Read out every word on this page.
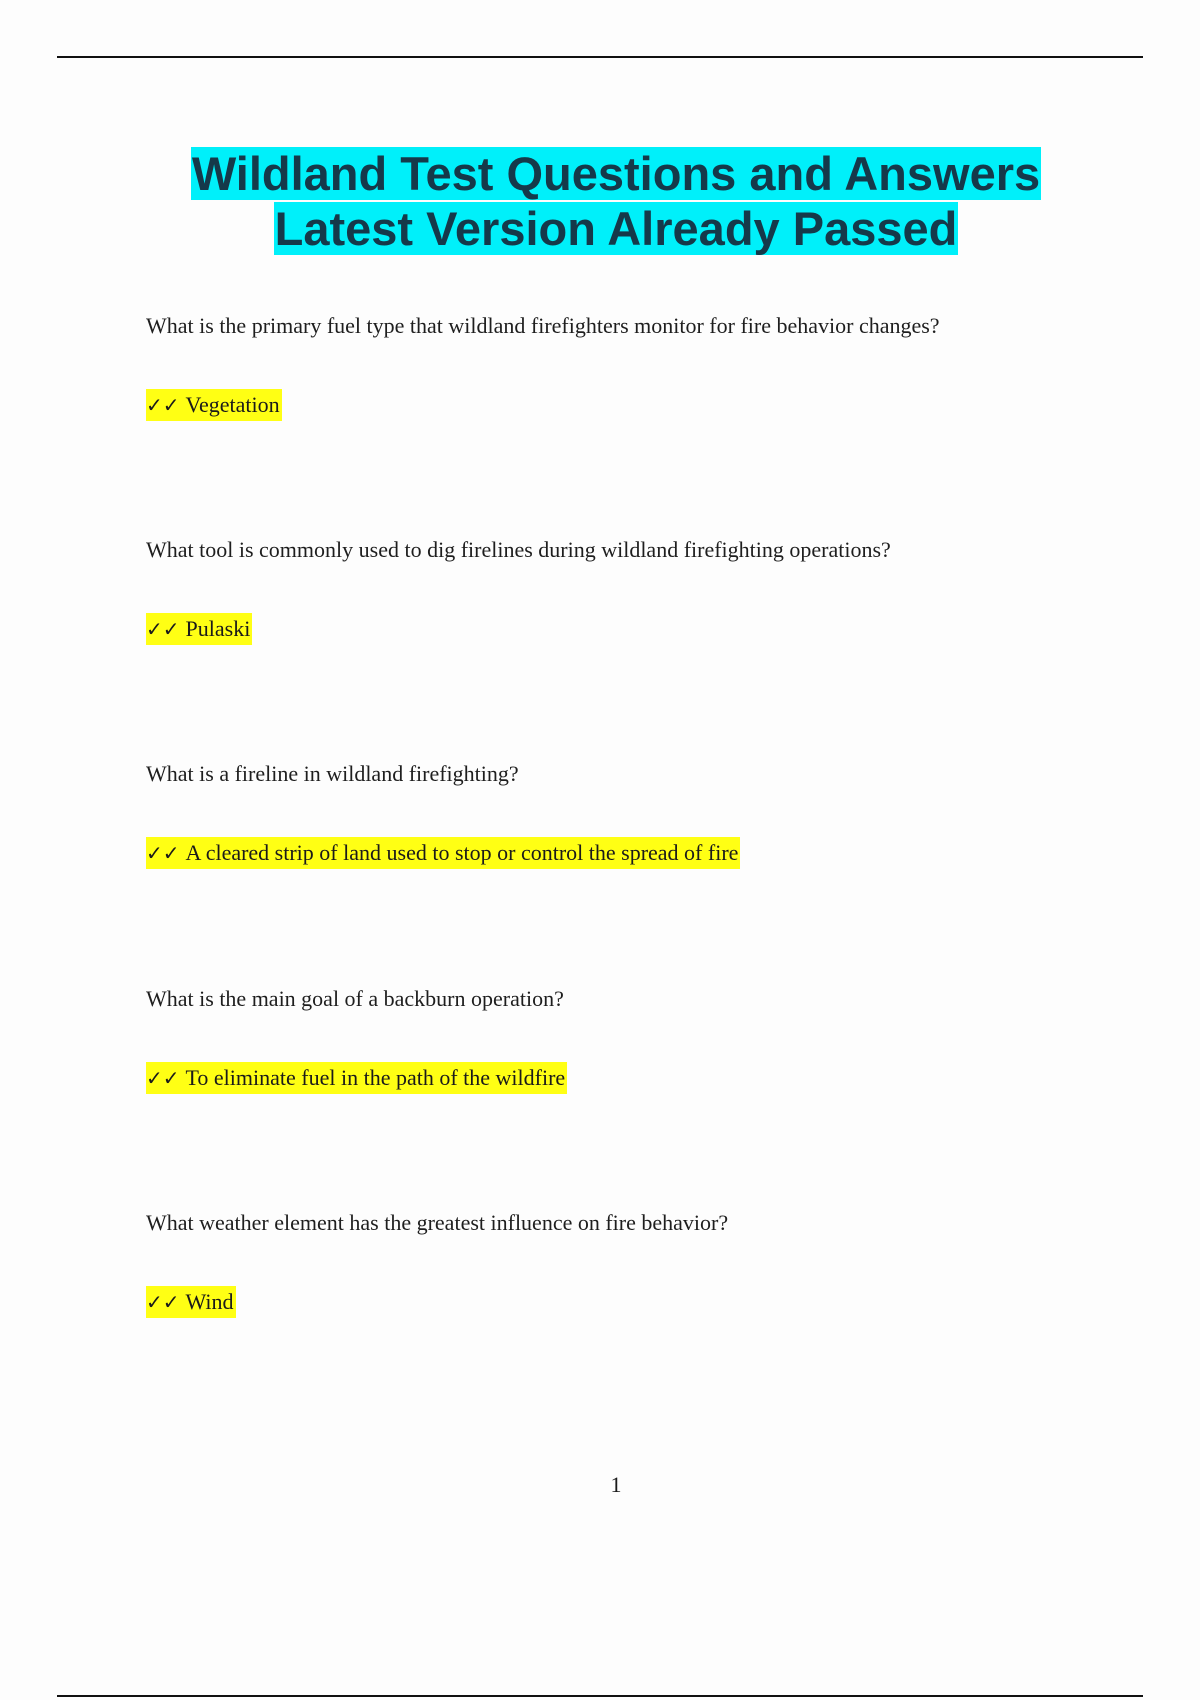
Wildland Test Questions and Answers
Latest Version Already Passed
What is the primary fuel type that wildland firefighters monitor for fire behavior changes?
✓✓ Vegetation
What tool is commonly used to dig firelines during wildland firefighting operations?
✓✓ Pulaski
What is a fireline in wildland firefighting?
✓✓ A cleared strip of land used to stop or control the spread of fire
What is the main goal of a backburn operation?
✓✓ To eliminate fuel in the path of the wildfire
What weather element has the greatest influence on fire behavior?
✓✓ Wind
1
